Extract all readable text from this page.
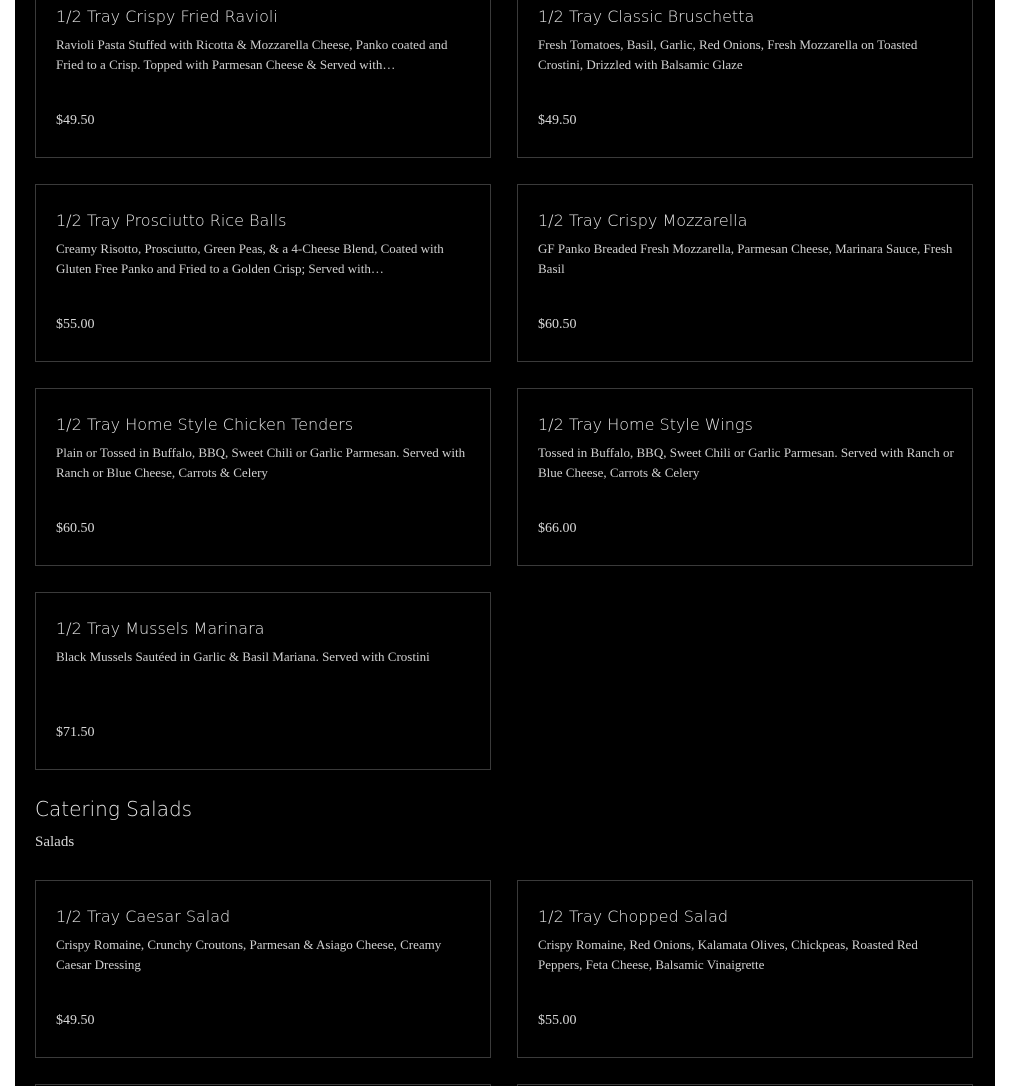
1/2 Tray Crispy Fried Ravioli
Ravioli Pasta Stuffed with Ricotta & Mozzarella Cheese, Panko coated and Fried to a Crisp. Topped with Parmesan Cheese & Served with…
$49.50
1/2 Tray Classic Bruschetta
Fresh Tomatoes, Basil, Garlic, Red Onions, Fresh Mozzarella on Toasted Crostini, Drizzled with Balsamic Glaze
$49.50
1/2 Tray Prosciutto Rice Balls
Creamy Risotto, Prosciutto, Green Peas, & a 4-Cheese Blend, Coated with Gluten Free Panko and Fried to a Golden Crisp; Served with…
$55.00
1/2 Tray Crispy Mozzarella
GF Panko Breaded Fresh Mozzarella, Parmesan Cheese, Marinara Sauce, Fresh Basil
$60.50
1/2 Tray Home Style Chicken Tenders
Plain or Tossed in Buffalo, BBQ, Sweet Chili or Garlic Parmesan. Served with Ranch or Blue Cheese, Carrots & Celery
$60.50
1/2 Tray Home Style Wings
Tossed in Buffalo, BBQ, Sweet Chili or Garlic Parmesan. Served with Ranch or Blue Cheese, Carrots & Celery
$66.00
1/2 Tray Mussels Marinara
Black Mussels Sautéed in Garlic & Basil Mariana. Served with Crostini
$71.50
Catering Salads
Salads
1/2 Tray Caesar Salad
Crispy Romaine, Crunchy Croutons, Parmesan & Asiago Cheese, Creamy Caesar Dressing
$49.50
1/2 Tray Chopped Salad
Crispy Romaine, Red Onions, Kalamata Olives, Chickpeas, Roasted Red Peppers, Feta Cheese, Balsamic Vinaigrette
$55.00
